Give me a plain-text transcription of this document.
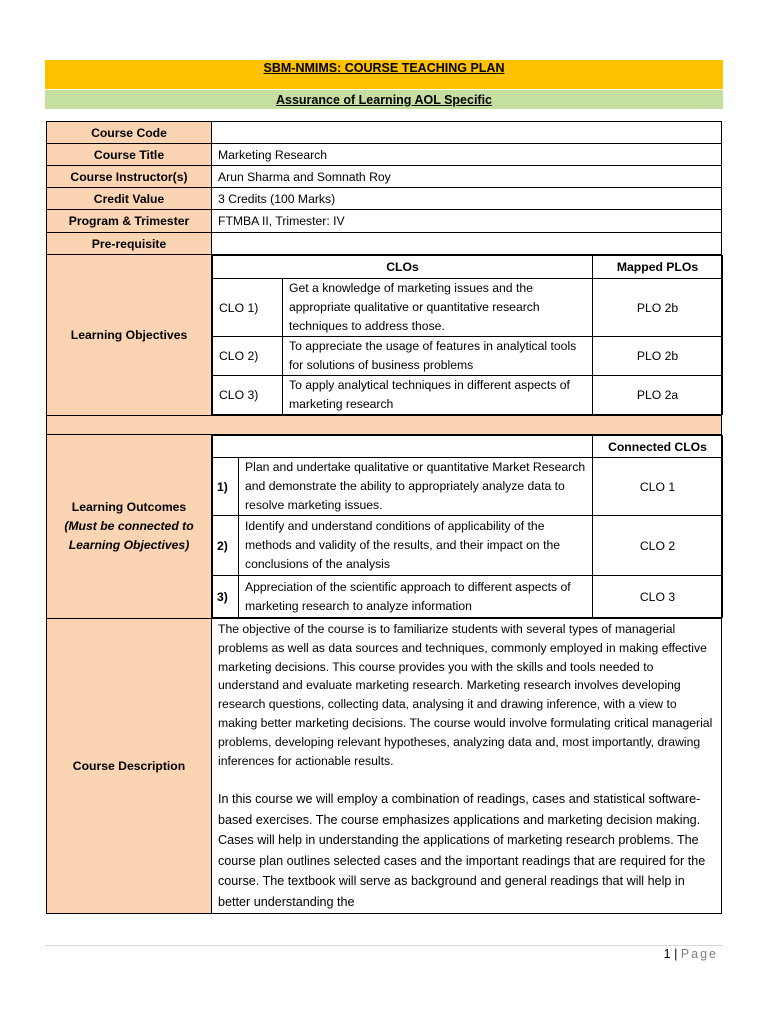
SBM-NMIMS: COURSE TEACHING PLAN
Assurance of Learning AOL Specific
Course Code	
Course Title	Marketing Research
Course Instructor(s)	Arun Sharma and Somnath Roy
Credit Value	3 Credits (100 Marks)
Program & Trimester	FTMBA II, Trimester: IV
Pre-requisite	
Learning Objectives	
CLOs	Mapped PLOs
CLO 1)	Get a knowledge of marketing issues and the appropriate qualitative or quantitative research techniques to address those.	PLO 2b
CLO 2)	To appreciate the usage of features in analytical tools for solutions of business problems	PLO 2b
CLO 3)	To apply analytical techniques in different aspects of marketing research	PLO 2a

Learning Outcomes
(Must be connected to Learning Objectives)

	Connected CLOs
1)	Plan and undertake qualitative or quantitative Market Research and demonstrate the ability to appropriately analyze data to resolve marketing issues.	CLO 1
2)	Identify and understand conditions of applicability of the methods and validity of the results, and their impact on the conclusions of the analysis	CLO 2
3)	Appreciation of the scientific approach to different aspects of marketing research to analyze information	CLO 3

Course Description	

The objective of the course is to familiarize students with several types of managerial problems as well as data sources and techniques, commonly employed in making effective marketing decisions. This course provides you with the skills and tools needed to understand and evaluate marketing research. Marketing research involves developing research questions, collecting data, analysing it and drawing inference, with a view to making better marketing decisions. The course would involve formulating critical managerial problems, developing relevant hypotheses, analyzing data and, most importantly, drawing inferences for actionable results.

In this course we will employ a combination of readings, cases and statistical software-based exercises. The course emphasizes applications and marketing decision making. Cases will help in understanding the applications of marketing research problems. The course plan outlines selected cases and the important readings that are required for the course. The textbook will serve as background and general readings that will help in better understanding the

1 | Page
